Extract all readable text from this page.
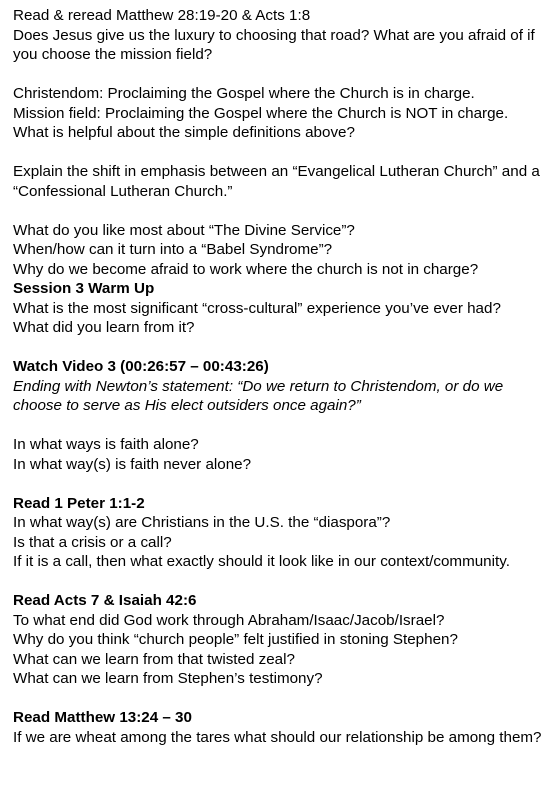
Read & reread Matthew 28:19-20 & Acts 1:8
Does Jesus give us the luxury to choosing that road? What are you afraid of if you choose the mission field?
Christendom: Proclaiming the Gospel where the Church is in charge.
Mission field: Proclaiming the Gospel where the Church is NOT in charge.
What is helpful about the simple definitions above?
Explain the shift in emphasis between an “Evangelical Lutheran Church” and a “Confessional Lutheran Church.”
What do you like most about “The Divine Service”?
When/how can it turn into a “Babel Syndrome”?
Why do we become afraid to work where the church is not in charge?
Session 3 Warm Up
What is the most significant “cross-cultural” experience you’ve ever had?
What did you learn from it?
Watch Video 3 (00:26:57 – 00:43:26)
Ending with Newton’s statement: “Do we return to Christendom, or do we choose to serve as His elect outsiders once again?”
In what ways is faith alone?
In what way(s) is faith never alone?
Read 1 Peter 1:1-2
In what way(s) are Christians in the U.S. the “diaspora”?
Is that a crisis or a call?
If it is a call, then what exactly should it look like in our context/community.
Read Acts 7 & Isaiah 42:6
To what end did God work through Abraham/Isaac/Jacob/Israel?
Why do you think “church people” felt justified in stoning Stephen?
What can we learn from that twisted zeal?
What can we learn from Stephen’s testimony?
Read Matthew 13:24 – 30
If we are wheat among the tares what should our relationship be among them?
